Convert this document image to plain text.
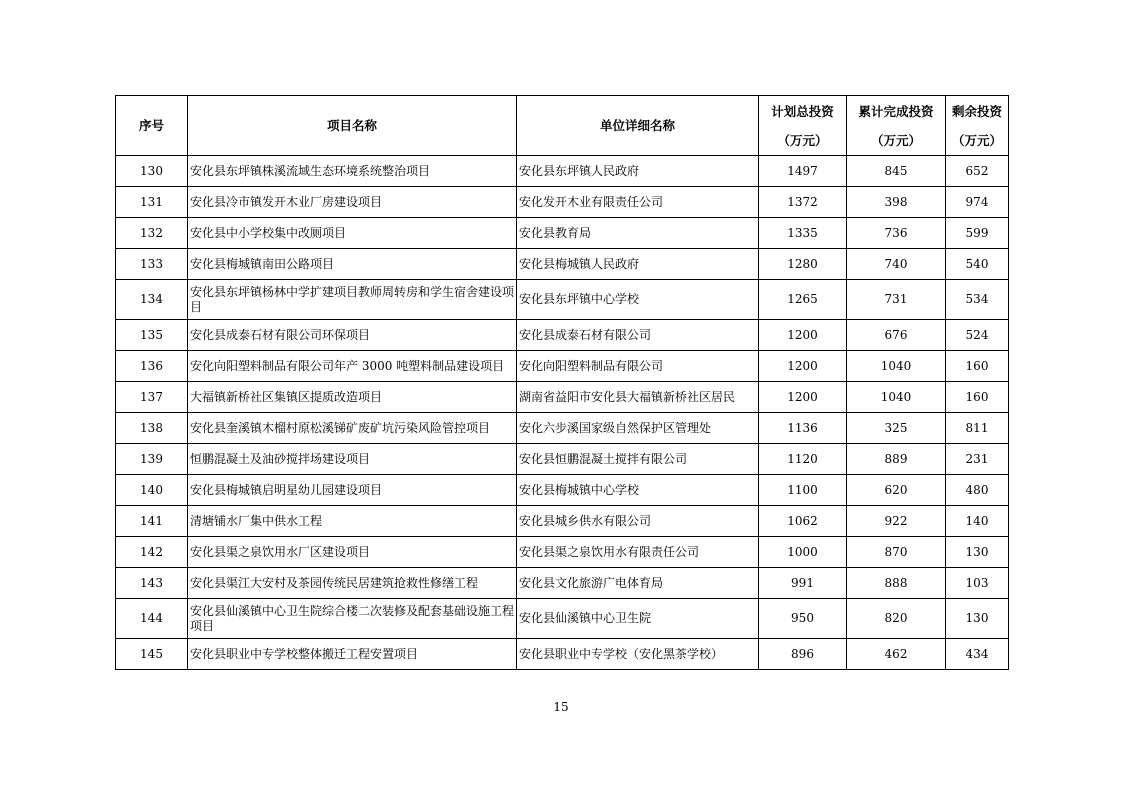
序号	项目名称	单位详细名称	计划总投资（万元）	累计完成投资（万元）	剩余投资（万元）
130	安化县东坪镇株溪流域生态环境系统整治项目	安化县东坪镇人民政府	1497	845	652
131	安化县冷市镇发开木业厂房建设项目	安化发开木业有限责任公司	1372	398	974
132	安化县中小学校集中改厕项目	安化县教育局	1335	736	599
133	安化县梅城镇南田公路项目	安化县梅城镇人民政府	1280	740	540
134	安化县东坪镇杨林中学扩建项目教师周转房和学生宿舍建设项目	安化县东坪镇中心学校	1265	731	534
135	安化县成泰石材有限公司环保项目	安化县成泰石材有限公司	1200	676	524
136	安化向阳塑料制品有限公司年产 3000 吨塑料制品建设项目	安化向阳塑料制品有限公司	1200	1040	160
137	大福镇新桥社区集镇区提质改造项目	湖南省益阳市安化县大福镇新桥社区居民	1200	1040	160
138	安化县奎溪镇木榴村原松溪锑矿废矿坑污染风险管控项目	安化六步溪国家级自然保护区管理处	1136	325	811
139	恒鹏混凝土及油砂搅拌场建设项目	安化县恒鹏混凝土搅拌有限公司	1120	889	231
140	安化县梅城镇启明星幼儿园建设项目	安化县梅城镇中心学校	1100	620	480
141	清塘铺水厂集中供水工程	安化县城乡供水有限公司	1062	922	140
142	安化县渠之泉饮用水厂区建设项目	安化县渠之泉饮用水有限责任公司	1000	870	130
143	安化县渠江大安村及茶园传统民居建筑抢救性修缮工程	安化县文化旅游广电体育局	991	888	103
144	安化县仙溪镇中心卫生院综合楼二次装修及配套基础设施工程项目	安化县仙溪镇中心卫生院	950	820	130
145	安化县职业中专学校整体搬迁工程安置项目	安化县职业中专学校（安化黑茶学校）	896	462	434
15
